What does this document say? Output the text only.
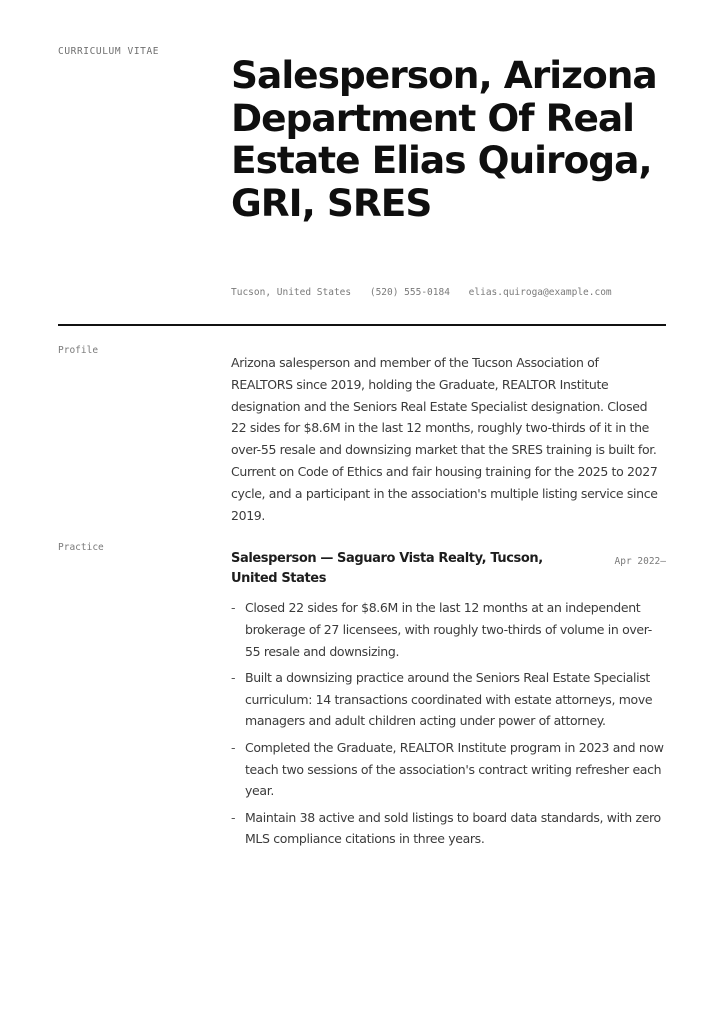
CURRICULUM VITAE
Salesperson, Arizona Department Of Real Estate Elias Quiroga, GRI, SRES
Tucson, United States (520) 555-0184 elias.quiroga@example.com
Profile

Arizona salesperson and member of the Tucson Association of REALTORS since 2019, holding the Graduate, REALTOR Institute designation and the Seniors Real Estate Specialist designation. Closed 22 sides for $8.6M in the last 12 months, roughly two-thirds of it in the over-55 resale and downsizing market that the SRES training is built for. Current on Code of Ethics and fair housing training for the 2025 to 2027 cycle, and a participant in the association's multiple listing service since 2019.

Practice
Salesperson — Saguaro Vista Realty, Tucson, United States
Apr 2022–
- Closed 22 sides for $8.6M in the last 12 months at an independent brokerage of 27 licensees, with roughly two-thirds of volume in over-55 resale and downsizing.
- Built a downsizing practice around the Seniors Real Estate Specialist curriculum: 14 transactions coordinated with estate attorneys, move managers and adult children acting under power of attorney.
- Completed the Graduate, REALTOR Institute program in 2023 and now teach two sessions of the association's contract writing refresher each year.
- Maintain 38 active and sold listings to board data standards, with zero MLS compliance citations in three years.
